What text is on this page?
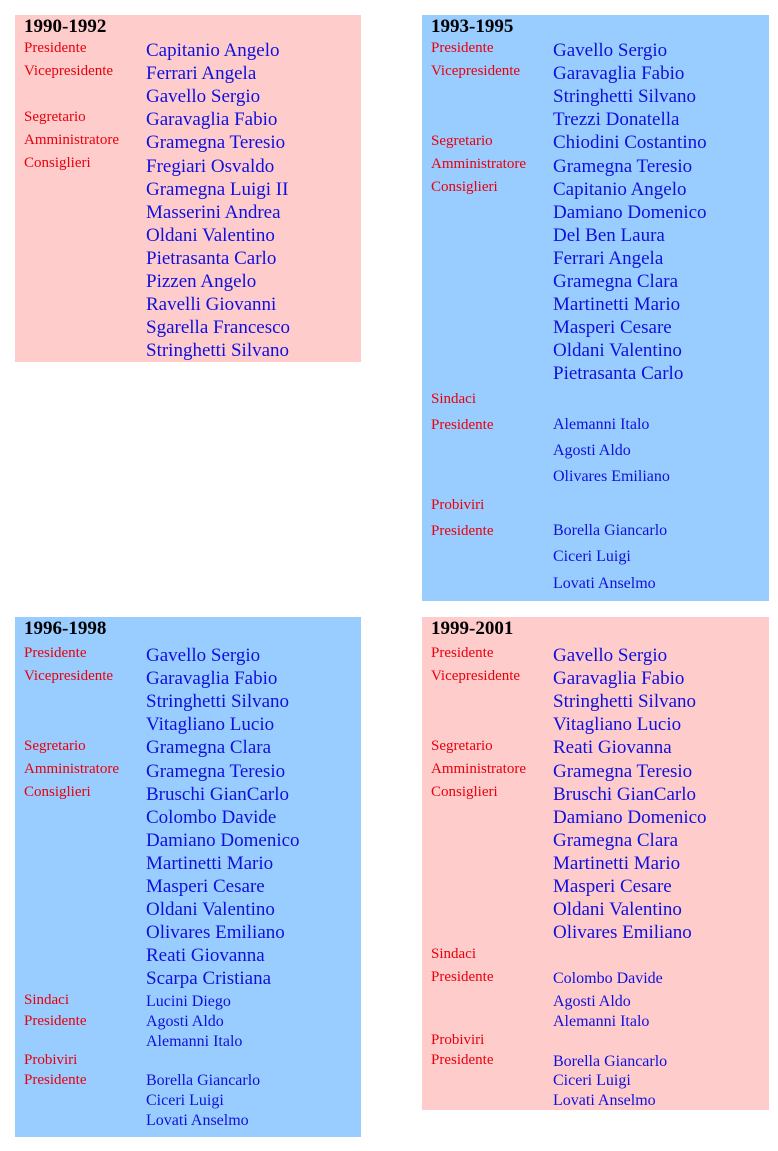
1990-1992
Presidente
Vicepresidente
Segretario
Amministratore
Consiglieri
Capitanio Angelo
Ferrari Angela
Gavello Sergio
Garavaglia Fabio
Gramegna Teresio
Fregiari Osvaldo
Gramegna Luigi II
Masserini Andrea
Oldani Valentino
Pietrasanta Carlo
Pizzen Angelo
Ravelli Giovanni
Sgarella Francesco
Stringhetti Silvano
1993-1995
Presidente
Vicepresidente
Segretario
Amministratore
Consiglieri
Sindaci
Presidente
Probiviri
Presidente
Gavello Sergio
Garavaglia Fabio
Stringhetti Silvano
Trezzi Donatella
Chiodini Costantino
Gramegna Teresio
Capitanio Angelo
Damiano Domenico
Del Ben Laura
Ferrari Angela
Gramegna Clara
Martinetti Mario
Masperi Cesare
Oldani Valentino
Pietrasanta Carlo
Alemanni Italo
Agosti Aldo
Olivares Emiliano
Borella Giancarlo
Ciceri Luigi
Lovati Anselmo
1996-1998
Presidente
Vicepresidente
Segretario
Amministratore
Consiglieri
Sindaci
Presidente
Probiviri
Presidente
Gavello Sergio
Garavaglia Fabio
Stringhetti Silvano
Vitagliano Lucio
Gramegna Clara
Gramegna Teresio
Bruschi GianCarlo
Colombo Davide
Damiano Domenico
Martinetti Mario
Masperi Cesare
Oldani Valentino
Olivares Emiliano
Reati Giovanna
Scarpa Cristiana
Lucini Diego
Agosti Aldo
Alemanni Italo
Borella Giancarlo
Ciceri Luigi
Lovati Anselmo
1999-2001
Presidente
Vicepresidente
Segretario
Amministratore
Consiglieri
Sindaci
Presidente
Probiviri
Presidente
Gavello Sergio
Garavaglia Fabio
Stringhetti Silvano
Vitagliano Lucio
Reati Giovanna
Gramegna Teresio
Bruschi GianCarlo
Damiano Domenico
Gramegna Clara
Martinetti Mario
Masperi Cesare
Oldani Valentino
Olivares Emiliano
Colombo Davide
Agosti Aldo
Alemanni Italo
Borella Giancarlo
Ciceri Luigi
Lovati Anselmo
